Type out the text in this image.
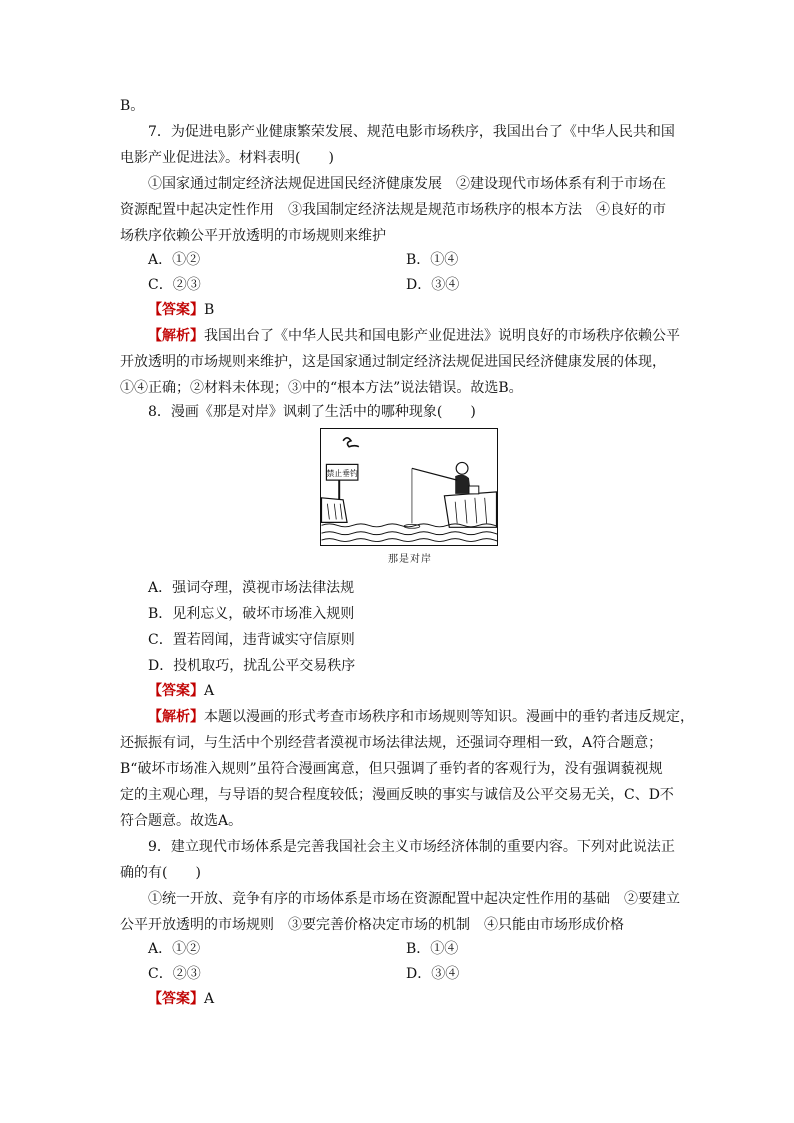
B。
7．为促进电影产业健康繁荣发展、规范电影市场秩序，我国出台了《中华人民共和国
电影产业促进法》。材料表明(　　)
①国家通过制定经济法规促进国民经济健康发展　②建设现代市场体系有利于市场在
资源配置中起决定性作用　③我国制定经济法规是规范市场秩序的根本方法　④良好的市
场秩序依赖公平开放透明的市场规则来维护
A．①②	B．①④
C．②③	D．③④
【答案】B
【解析】我国出台了《中华人民共和国电影产业促进法》说明良好的市场秩序依赖公平
开放透明的市场规则来维护，这是国家通过制定经济法规促进国民经济健康发展的体现，
①④正确；②材料未体现；③中的“根本方法”说法错误。故选B。
8．漫画《那是对岸》讽刺了生活中的哪种现象(　　)
禁止垂钓
那是对岸
A．强词夺理，漠视市场法律法规
B．见利忘义，破坏市场准入规则
C．置若罔闻，违背诚实守信原则
D．投机取巧，扰乱公平交易秩序
【答案】A
【解析】本题以漫画的形式考查市场秩序和市场规则等知识。漫画中的垂钓者违反规定，
还振振有词，与生活中个别经营者漠视市场法律法规，还强词夺理相一致，A符合题意；
B“破坏市场准入规则”虽符合漫画寓意，但只强调了垂钓者的客观行为，没有强调藐视规
定的主观心理，与导语的契合程度较低；漫画反映的事实与诚信及公平交易无关，C、D不
符合题意。故选A。
9．建立现代市场体系是完善我国社会主义市场经济体制的重要内容。下列对此说法正
确的有(　　)
①统一开放、竞争有序的市场体系是市场在资源配置中起决定性作用的基础　②要建立
公平开放透明的市场规则　③要完善价格决定市场的机制　④只能由市场形成价格
A．①②	B．①④
C．②③	D．③④
【答案】A
